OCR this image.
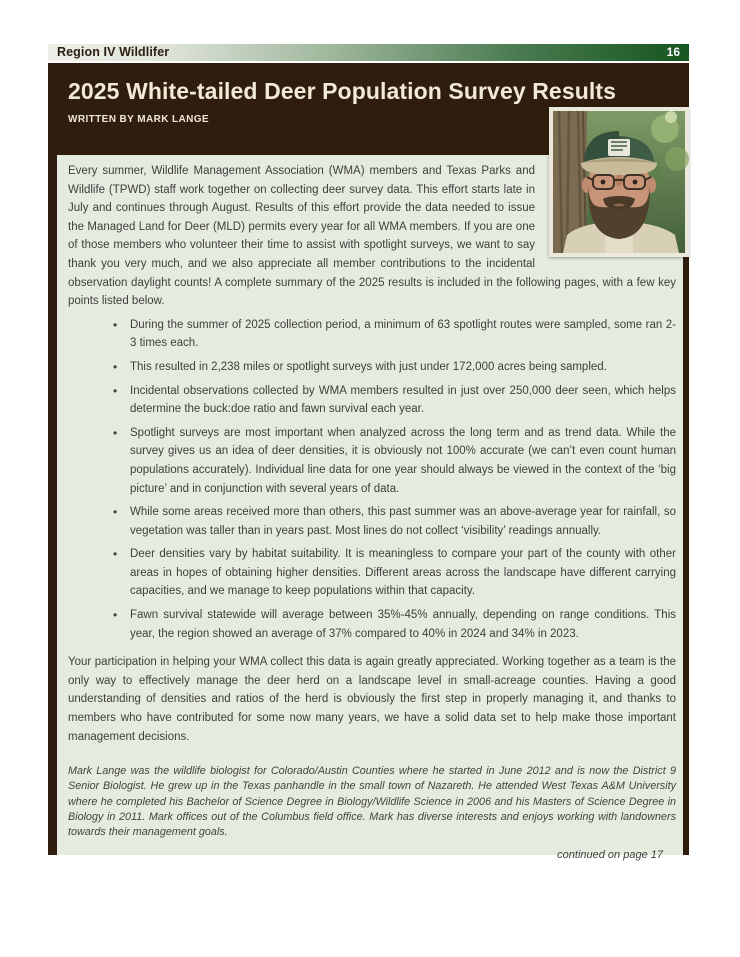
Region IV Wildlifer	16
2025 White-tailed Deer Population Survey Results
WRITTEN BY MARK LANGE
Every summer, Wildlife Management Association (WMA) members and Texas Parks and Wildlife (TPWD) staff work together on collecting deer survey data. This effort starts late in July and continues through August. Results of this effort provide the data needed to issue the Managed Land for Deer (MLD) permits every year for all WMA members. If you are one of those members who volunteer their time to assist with spotlight surveys, we want to say thank you very much, and we also appreciate all member contributions to the incidental observation daylight counts! A complete summary of the 2025 results is included in the following pages, with a few key points listed below.
• During the summer of 2025 collection period, a minimum of 63 spotlight routes were sampled, some ran 2-3 times each.
• This resulted in 2,238 miles or spotlight surveys with just under 172,000 acres being sampled.
• Incidental observations collected by WMA members resulted in just over 250,000 deer seen, which helps determine the buck:doe ratio and fawn survival each year.
• Spotlight surveys are most important when analyzed across the long term and as trend data. While the survey gives us an idea of deer densities, it is obviously not 100% accurate (we can’t even count human populations accurately). Individual line data for one year should always be viewed in the context of the ‘big picture’ and in conjunction with several years of data.
• While some areas received more than others, this past summer was an above-average year for rainfall, so vegetation was taller than in years past. Most lines do not collect ‘visibility’ readings annually.
• Deer densities vary by habitat suitability. It is meaningless to compare your part of the county with other areas in hopes of obtaining higher densities. Different areas across the landscape have different carrying capacities, and we manage to keep populations within that capacity.
• Fawn survival statewide will average between 35%-45% annually, depending on range conditions. This year, the region showed an average of 37% compared to 40% in 2024 and 34% in 2023.
Your participation in helping your WMA collect this data is again greatly appreciated. Working together as a team is the only way to effectively manage the deer herd on a landscape level in small-acreage counties. Having a good understanding of densities and ratios of the herd is obviously the first step in properly managing it, and thanks to members who have contributed for some now many years, we have a solid data set to help make those important management decisions.
Mark Lange was the wildlife biologist for Colorado/Austin Counties where he started in June 2012 and is now the District 9 Senior Biologist. He grew up in the Texas panhandle in the small town of Nazareth. He attended West Texas A&M University where he completed his Bachelor of Science Degree in Biology/Wildlife Science in 2006 and his Masters of Science Degree in Biology in 2011. Mark offices out of the Columbus field office. Mark has diverse interests and enjoys working with landowners towards their management goals.
continued on page 17
